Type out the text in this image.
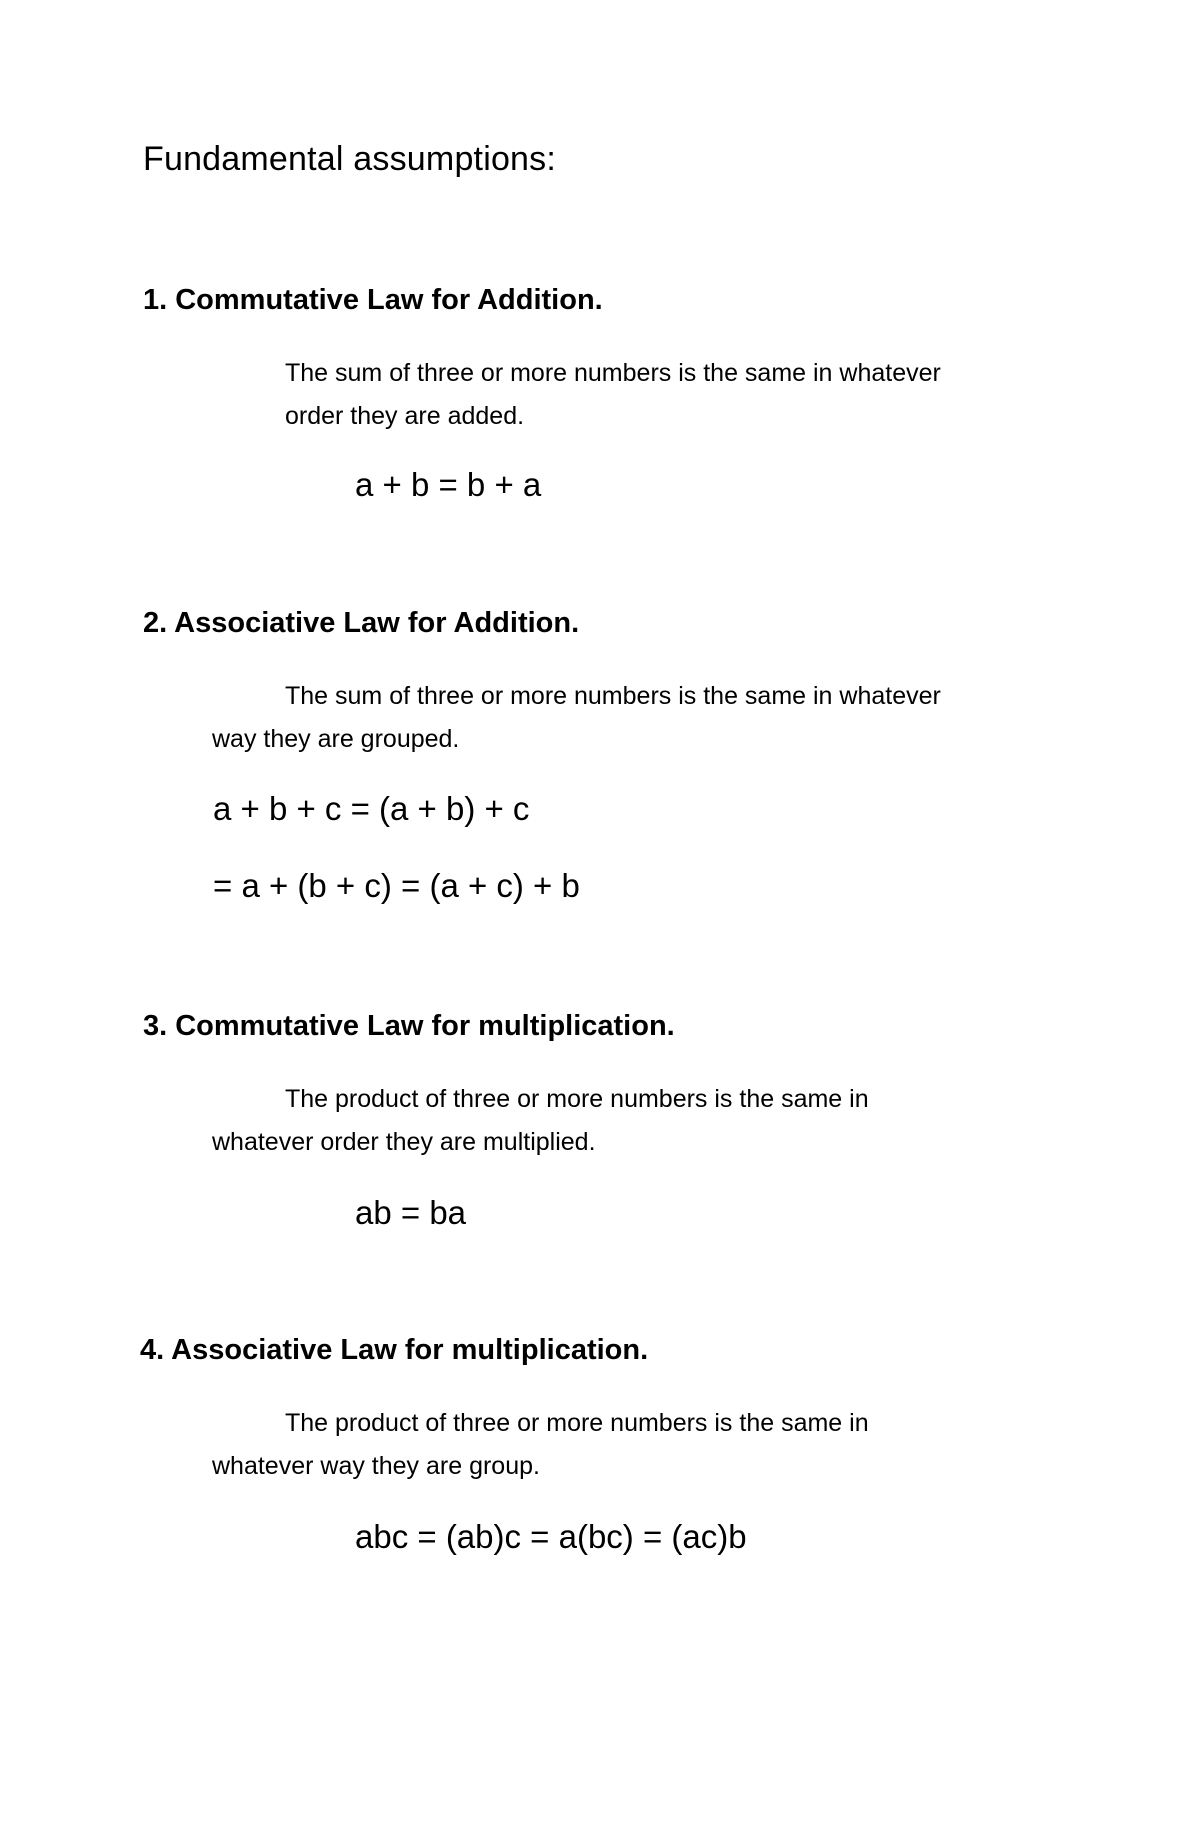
Fundamental assumptions:
1. Commutative Law for Addition.
The sum of three or more numbers is the same in whatever
order they are added.
a + b = b + a
2. Associative Law for Addition.
The sum of three or more numbers is the same in whatever
way they are grouped.
a + b + c = (a + b) + c
= a + (b + c) = (a + c) + b
3. Commutative Law for multiplication.
The product of three or more numbers is the same in
whatever order they are multiplied.
ab = ba
4. Associative Law for multiplication.
The product of three or more numbers is the same in
whatever way they are group.
abc = (ab)c = a(bc) = (ac)b
